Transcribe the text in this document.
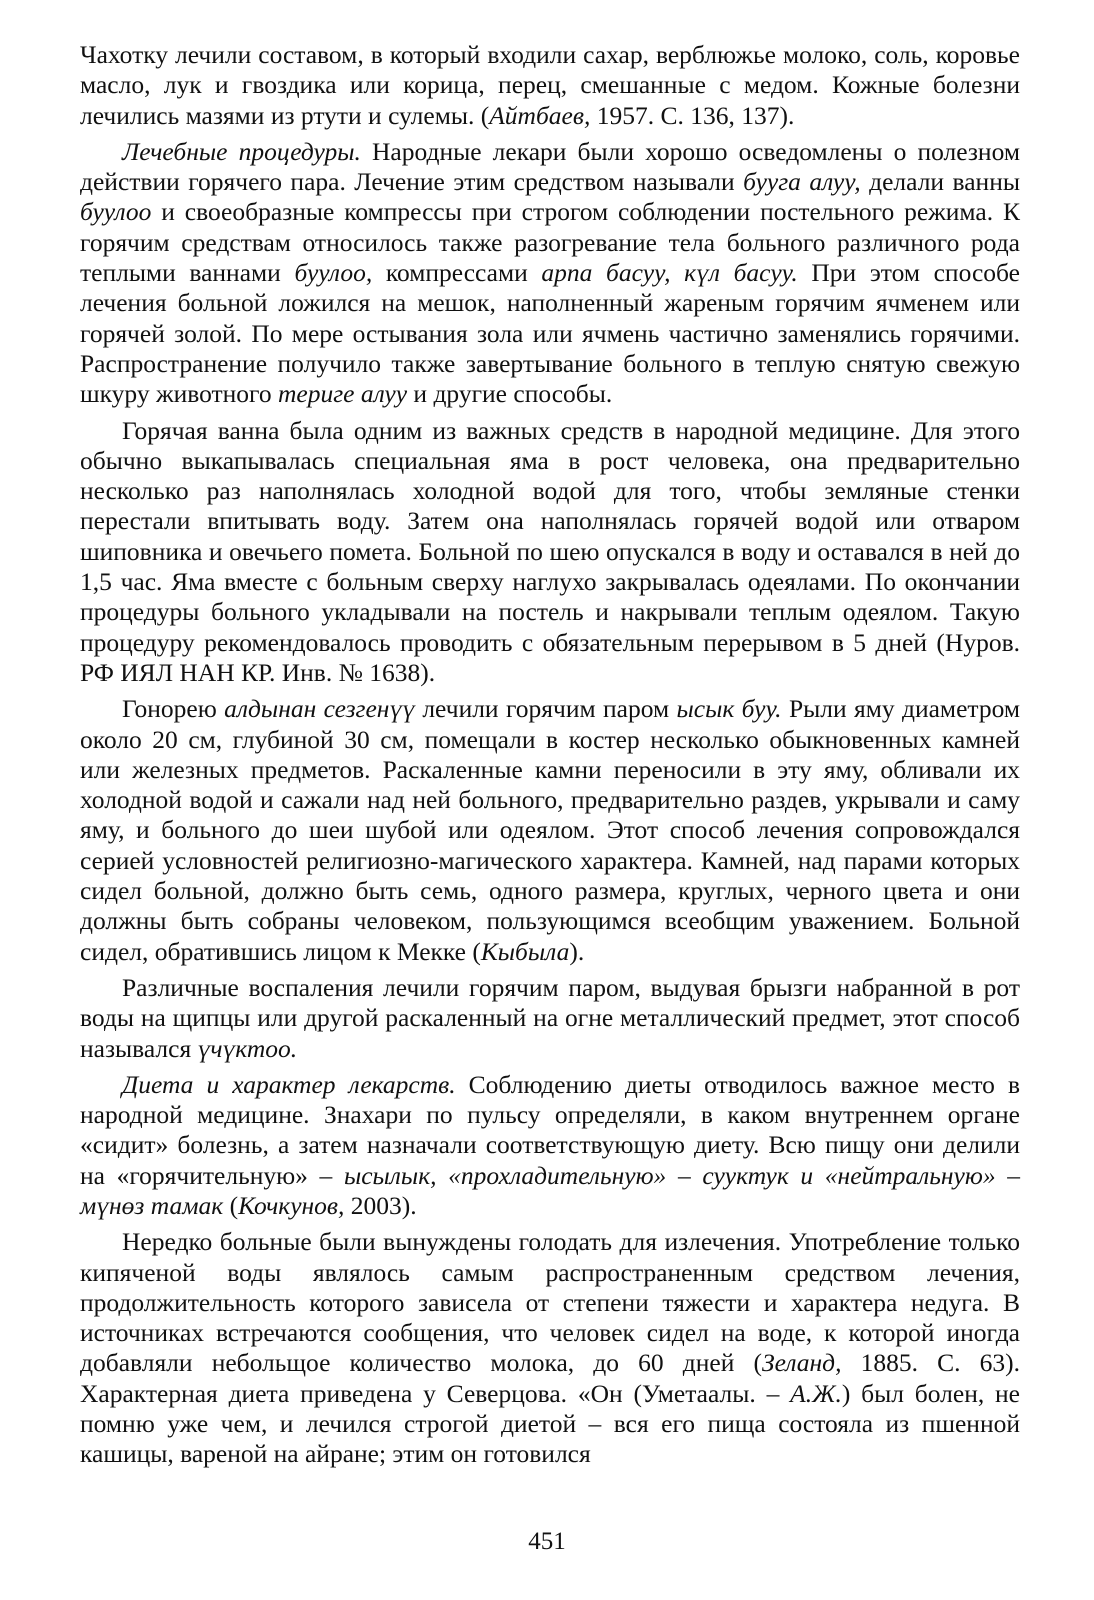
Чахотку лечили составом, в который входили сахар, верблюжье молоко, соль, коровье масло, лук и гвоздика или корица, перец, смешанные с медом. Кожные болезни лечились мазями из ртути и сулемы. (Айтбаев, 1957. С. 136, 137).

Лечебные процедуры. Народные лекари были хорошо осведомлены о полезном действии горячего пара. Лечение этим средством называли бууга алуу, делали ванны буулоо и своеобразные компрессы при строгом соблюдении постельного режима. К горячим средствам относилось также разогревание тела больного различного рода теплыми ваннами буулоо, компрессами арпа басуу, күл басуу. При этом способе лечения больной ложился на мешок, наполненный жареным горячим ячменем или горячей золой. По мере остывания зола или ячмень частично заменялись горячими. Распространение получило также завертывание больного в теплую снятую свежую шкуру животного териге алуу и другие способы.

Горячая ванна была одним из важных средств в народной медицине. Для этого обычно выкапывалась специальная яма в рост человека, она предварительно несколько раз наполнялась холодной водой для того, чтобы земляные стенки перестали впитывать воду. Затем она наполнялась горячей водой или отваром шиповника и овечьего помета. Больной по шею опускался в воду и оставался в ней до 1,5 час. Яма вместе с больным сверху наглухо закрывалась одеялами. По окончании процедуры больного укладывали на постель и накрывали теплым одеялом. Такую процедуру рекомендовалось проводить с обязательным перерывом в 5 дней (Нуров. РФ ИЯЛ НАН КР. Инв. № 1638).

Гонорею алдынан сезгенүү лечили горячим паром ысык буу. Рыли яму диаметром около 20 см, глубиной 30 см, помещали в костер несколько обыкновенных камней или железных предметов. Раскаленные камни переносили в эту яму, обливали их холодной водой и сажали над ней больного, предварительно раздев, укрывали и саму яму, и больного до шеи шубой или одеялом. Этот способ лечения сопровождался серией условностей религиозно-магического характера. Камней, над парами которых сидел больной, должно быть семь, одного размера, круглых, черного цвета и они должны быть собраны человеком, пользующимся всеобщим уважением. Больной сидел, обратившись лицом к Мекке (Кыбыла).

Различные воспаления лечили горячим паром, выдувая брызги набранной в рот воды на щипцы или другой раскаленный на огне металлический предмет, этот способ назывался үчүктоо.

Диета и характер лекарств. Соблюдению диеты отводилось важное место в народной медицине. Знахари по пульсу определяли, в каком внутреннем органе «сидит» болезнь, а затем назначали соответствующую диету. Всю пищу они делили на «горячительную» – ысылык, «прохладительную» – сууктук и «нейтральную» – мүнөз тамак (Кочкунов, 2003).

Нередко больные были вынуждены голодать для излечения. Употребление только кипяченой воды являлось самым распространенным средством лечения, продолжительность которого зависела от степени тяжести и характера недуга. В источниках встречаются сообщения, что человек сидел на воде, к которой иногда добавляли небольщое количество молока, до 60 дней (Зеланд, 1885. С. 63). Характерная диета приведена у Северцова. «Он (Уметаалы. – А.Ж.) был болен, не помню уже чем, и лечился строгой диетой – вся его пища состояла из пшенной кашицы, вареной на айране; этим он готовился

451
